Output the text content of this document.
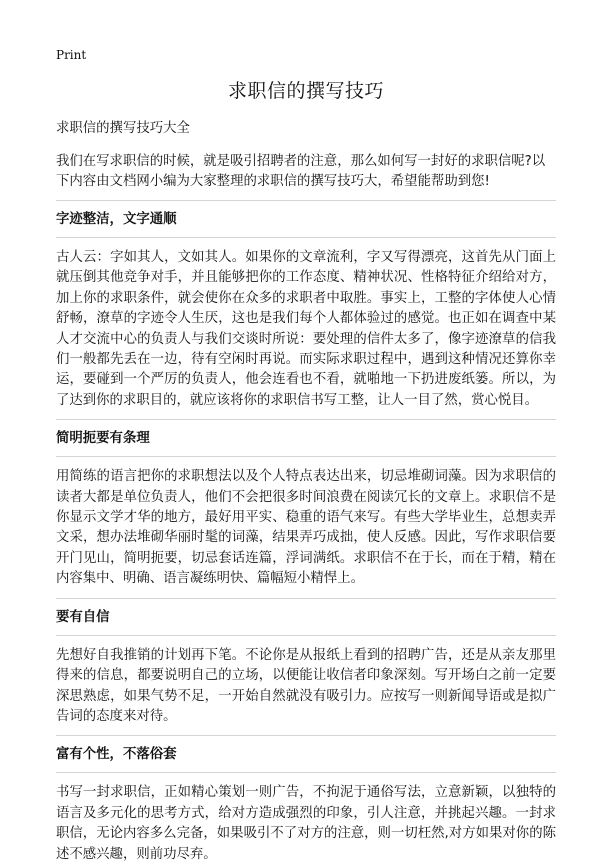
Print
求职信的撰写技巧

求职信的撰写技巧大全

我们在写求职信的时候，就是吸引招聘者的注意，那么如何写一封好的求职信呢?以下内容由文档网小编为大家整理的求职信的撰写技巧大，希望能帮助到您!

字迹整洁，文字通顺

古人云：字如其人，文如其人。如果你的文章流利，字又写得漂亮，这首先从门面上就压倒其他竞争对手，并且能够把你的工作态度、精神状况、性格特征介绍给对方，加上你的求职条件，就会使你在众多的求职者中取胜。事实上，工整的字体使人心情舒畅，潦草的字迹令人生厌，这也是我们每个人都体验过的感觉。也正如在调查中某人才交流中心的负责人与我们交谈时所说：要处理的信件太多了，像字迹潦草的信我们一般都先丢在一边，待有空闲时再说。而实际求职过程中，遇到这种情况还算你幸运，要碰到一个严厉的负责人，他会连看也不看，就啪地一下扔进废纸篓。所以，为了达到你的求职目的，就应该将你的求职信书写工整，让人一目了然，赏心悦目。

简明扼要有条理

用简练的语言把你的求职想法以及个人特点表达出来，切忌堆砌词藻。因为求职信的读者大都是单位负责人，他们不会把很多时间浪费在阅读冗长的文章上。求职信不是你显示文学才华的地方，最好用平实、稳重的语气来写。有些大学毕业生，总想卖弄文采，想办法堆砌华丽时髦的词藻，结果弄巧成拙，使人反感。因此，写作求职信要开门见山，简明扼要，切忌套话连篇，浮词满纸。求职信不在于长，而在于精，精在内容集中、明确、语言凝练明快、篇幅短小精悍上。

要有自信

先想好自我推销的计划再下笔。不论你是从报纸上看到的招聘广告，还是从亲友那里得来的信息，都要说明自己的立场，以便能让收信者印象深刻。写开场白之前一定要深思熟虑，如果气势不足，一开始自然就没有吸引力。应按写一则新闻导语或是拟广告词的态度来对待。

富有个性，不落俗套

书写一封求职信，正如精心策划一则广告，不拘泥于通俗写法，立意新颖，以独特的语言及多元化的思考方式，给对方造成强烈的印象，引人注意，并挑起兴趣。一封求职信，无论内容多么完备，如果吸引不了对方的注意，则一切枉然,对方如果对你的陈述不感兴趣，则前功尽弃。
